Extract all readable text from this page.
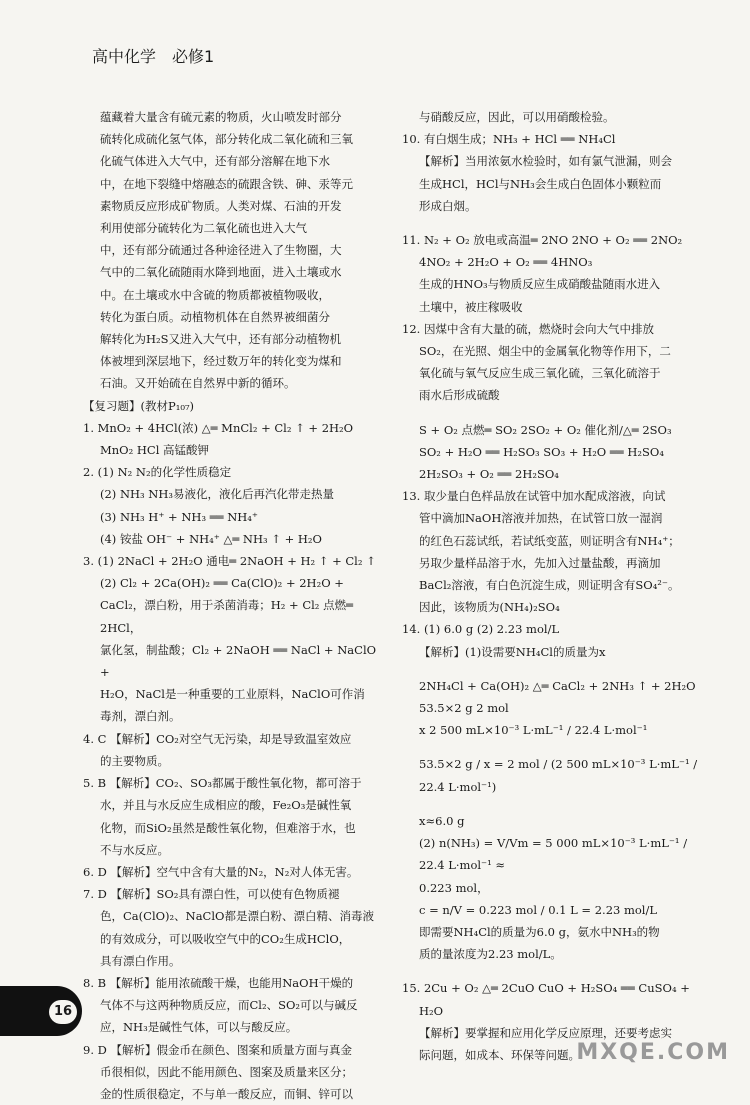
高中化学 必修1
蕴藏着大量含有硫元素的物质，火山喷发时部分
硫转化成硫化氢气体，部分转化成二氧化硫和三氧
化硫气体进入大气中，还有部分溶解在地下水
中，在地下裂缝中熔融态的硫跟含铁、砷、汞等元
素物质反应形成矿物质。人类对煤、石油的开发
利用使部分硫转化为二氧化硫也进入大气
中，还有部分硫通过各种途径进入了生物圈，大
气中的二氧化硫随雨水降到地面，进入土壤或水
中。在土壤或水中含硫的物质都被植物吸收，
转化为蛋白质。动植物机体在自然界被细菌分
解转化为H₂S又进入大气中，还有部分动植物机
体被埋到深层地下，经过数万年的转化变为煤和
石油。又开始硫在自然界中新的循环。
【复习题】(教材P₁₀₇)
1. MnO₂ + 4HCl(浓) △═ MnCl₂ + Cl₂ ↑ + 2H₂O
MnO₂ HCl 高锰酸钾
2. (1) N₂ N₂的化学性质稳定
(2) NH₃ NH₃易液化，液化后再汽化带走热量
(3) NH₃ H⁺ + NH₃ ══ NH₄⁺
(4) 铵盐 OH⁻ + NH₄⁺ △═ NH₃ ↑ + H₂O
3. (1) 2NaCl + 2H₂O 通电═ 2NaOH + H₂ ↑ + Cl₂ ↑
(2) Cl₂ + 2Ca(OH)₂ ══ Ca(ClO)₂ + 2H₂O +
CaCl₂，漂白粉，用于杀菌消毒；H₂ + Cl₂ 点燃═ 2HCl，
氯化氢，制盐酸；Cl₂ + 2NaOH ══ NaCl + NaClO +
H₂O，NaCl是一种重要的工业原料，NaClO可作消
毒剂，漂白剂。
4. C 【解析】CO₂对空气无污染，却是导致温室效应
的主要物质。
5. B 【解析】CO₂、SO₃都属于酸性氧化物，都可溶于
水，并且与水反应生成相应的酸，Fe₂O₃是碱性氧
化物，而SiO₂虽然是酸性氧化物，但难溶于水，也
不与水反应。
6. D 【解析】空气中含有大量的N₂，N₂对人体无害。
7. D 【解析】SO₂具有漂白性，可以使有色物质褪
色，Ca(ClO)₂、NaClO都是漂白粉、漂白精、消毒液
的有效成分，可以吸收空气中的CO₂生成HClO，
具有漂白作用。
8. B 【解析】能用浓硫酸干燥，也能用NaOH干燥的
气体不与这两种物质反应，而Cl₂、SO₂可以与碱反
应，NH₃是碱性气体，可以与酸反应。
9. D 【解析】假金币在颜色、图案和质量方面与真金
币很相似，因此不能用颜色、图案及质量来区分；
金的性质很稳定，不与单一酸反应，而铜、锌可以
与硝酸反应，因此，可以用硝酸检验。
10. 有白烟生成；NH₃ + HCl ══ NH₄Cl
【解析】当用浓氨水检验时，如有氯气泄漏，则会
生成HCl，HCl与NH₃会生成白色固体小颗粒而
形成白烟。
11. N₂ + O₂ 放电或高温═ 2NO 2NO + O₂ ══ 2NO₂
4NO₂ + 2H₂O + O₂ ══ 4HNO₃
生成的HNO₃与物质反应生成硝酸盐随雨水进入
土壤中，被庄稼吸收
12. 因煤中含有大量的硫，燃烧时会向大气中排放
SO₂，在光照、烟尘中的金属氧化物等作用下，二
氧化硫与氧气反应生成三氧化硫，三氧化硫溶于
雨水后形成硫酸
S + O₂ 点燃═ SO₂ 2SO₂ + O₂ 催化剂/△═ 2SO₃
SO₂ + H₂O ══ H₂SO₃ SO₃ + H₂O ══ H₂SO₄
2H₂SO₃ + O₂ ══ 2H₂SO₄
13. 取少量白色样品放在试管中加水配成溶液，向试
管中滴加NaOH溶液并加热，在试管口放一湿润
的红色石蕊试纸，若试纸变蓝，则证明含有NH₄⁺；
另取少量样品溶于水，先加入过量盐酸，再滴加
BaCl₂溶液，有白色沉淀生成，则证明含有SO₄²⁻。
因此，该物质为(NH₄)₂SO₄
14. (1) 6.0 g (2) 2.23 mol/L
【解析】(1)设需要NH₄Cl的质量为x
2NH₄Cl + Ca(OH)₂ △═ CaCl₂ + 2NH₃ ↑ + 2H₂O
53.5×2 g 2 mol
x 2 500 mL×10⁻³ L·mL⁻¹ / 22.4 L·mol⁻¹
53.5×2 g / x = 2 mol / (2 500 mL×10⁻³ L·mL⁻¹ / 22.4 L·mol⁻¹)
x≈6.0 g
(2) n(NH₃) = V/Vm = 5 000 mL×10⁻³ L·mL⁻¹ / 22.4 L·mol⁻¹ ≈
0.223 mol，
c = n/V = 0.223 mol / 0.1 L = 2.23 mol/L
即需要NH₄Cl的质量为6.0 g，氨水中NH₃的物
质的量浓度为2.23 mol/L。
15. 2Cu + O₂ △═ 2CuO CuO + H₂SO₄ ══ CuSO₄ +
H₂O
【解析】要掌握和应用化学反应原理，还要考虑实
际问题，如成本、环保等问题。
16
MXQE.COM
